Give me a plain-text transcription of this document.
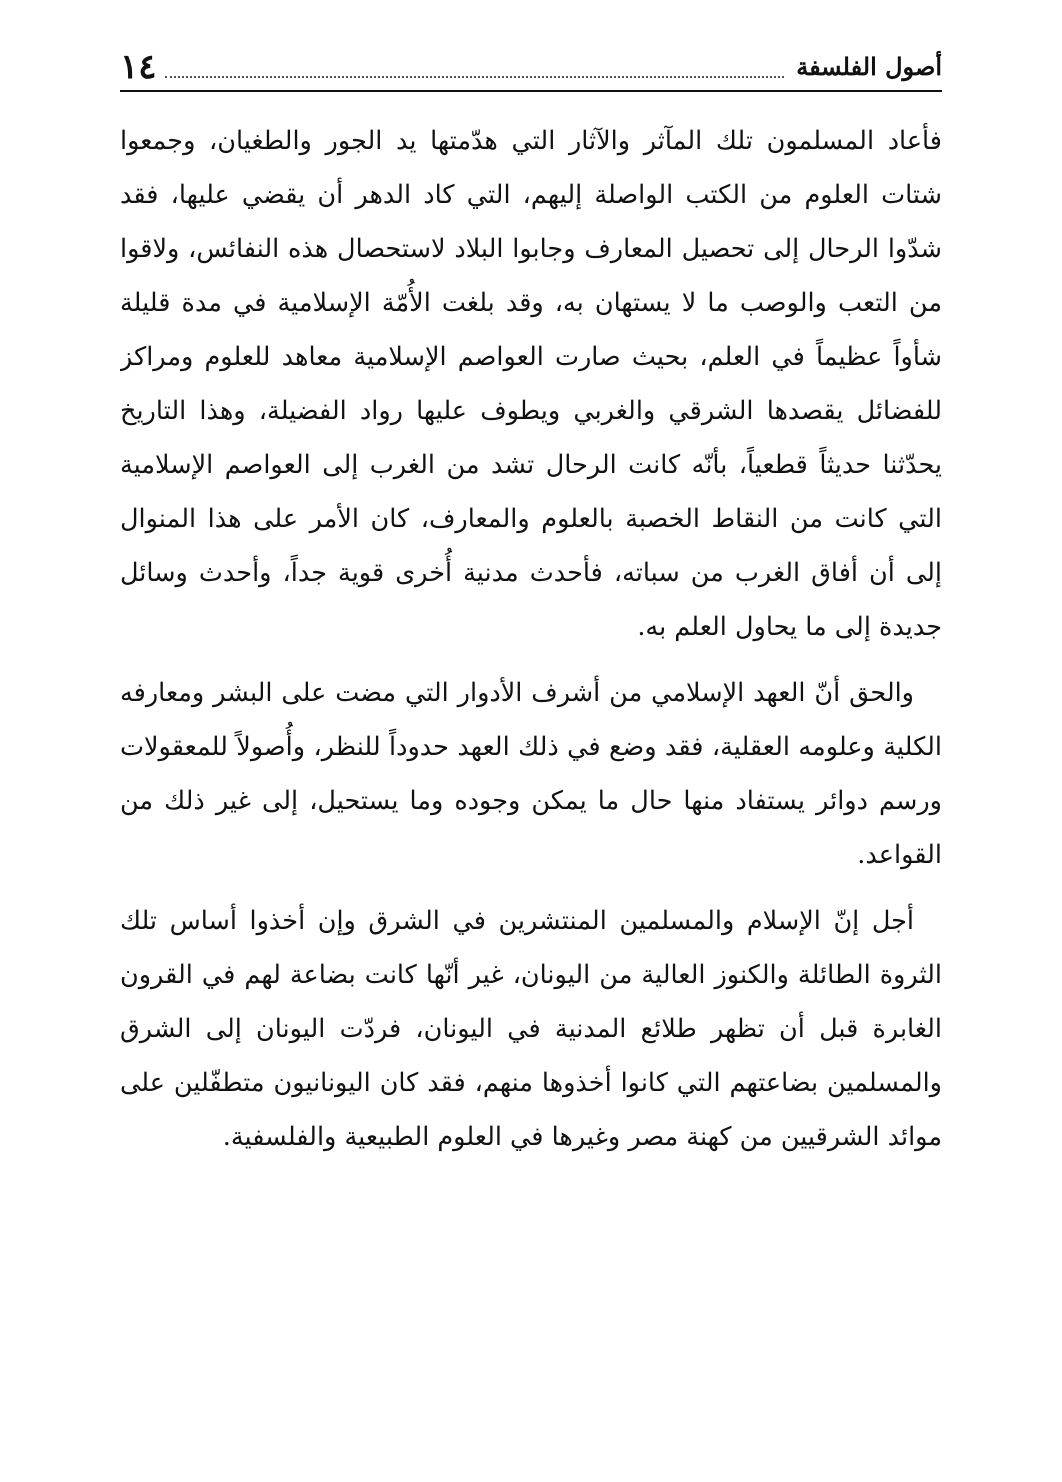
أصول الفلسفة
١٤

فأعاد المسلمون تلك المآثر والآثار التي هدّمتها يد الجور والطغيان، وجمعوا شتات العلوم من الكتب الواصلة إليهم، التي كاد الدهر أن يقضي عليها، فقد شدّوا الرحال إلى تحصيل المعارف وجابوا البلاد لاستحصال هذه النفائس، ولاقوا من التعب والوصب ما لا يستهان به، وقد بلغت الأُمّة الإسلامية في مدة قليلة شأواً عظيماً في العلم، بحيث صارت العواصم الإسلامية معاهد للعلوم ومراكز للفضائل يقصدها الشرقي والغربي ويطوف عليها رواد الفضيلة، وهذا التاريخ يحدّثنا حديثاً قطعياً، بأنّه كانت الرحال تشد من الغرب إلى العواصم الإسلامية التي كانت من النقاط الخصبة بالعلوم والمعارف، كان الأمر على هذا المنوال إلى أن أفاق الغرب من سباته، فأحدث مدنية أُخرى قوية جداً، وأحدث وسائل جديدة إلى ما يحاول العلم به.

والحق أنّ العهد الإسلامي من أشرف الأدوار التي مضت على البشر ومعارفه الكلية وعلومه العقلية، فقد وضع في ذلك العهد حدوداً للنظر، وأُصولاً للمعقولات ورسم دوائر يستفاد منها حال ما يمكن وجوده وما يستحيل، إلى غير ذلك من القواعد.

أجل إنّ الإسلام والمسلمين المنتشرين في الشرق وإن أخذوا أساس تلك الثروة الطائلة والكنوز العالية من اليونان، غير أنّها كانت بضاعة لهم في القرون الغابرة قبل أن تظهر طلائع المدنية في اليونان، فردّت اليونان إلى الشرق والمسلمين بضاعتهم التي كانوا أخذوها منهم، فقد كان اليونانيون متطفّلين على موائد الشرقيين من كهنة مصر وغيرها في العلوم الطبيعية والفلسفية.
